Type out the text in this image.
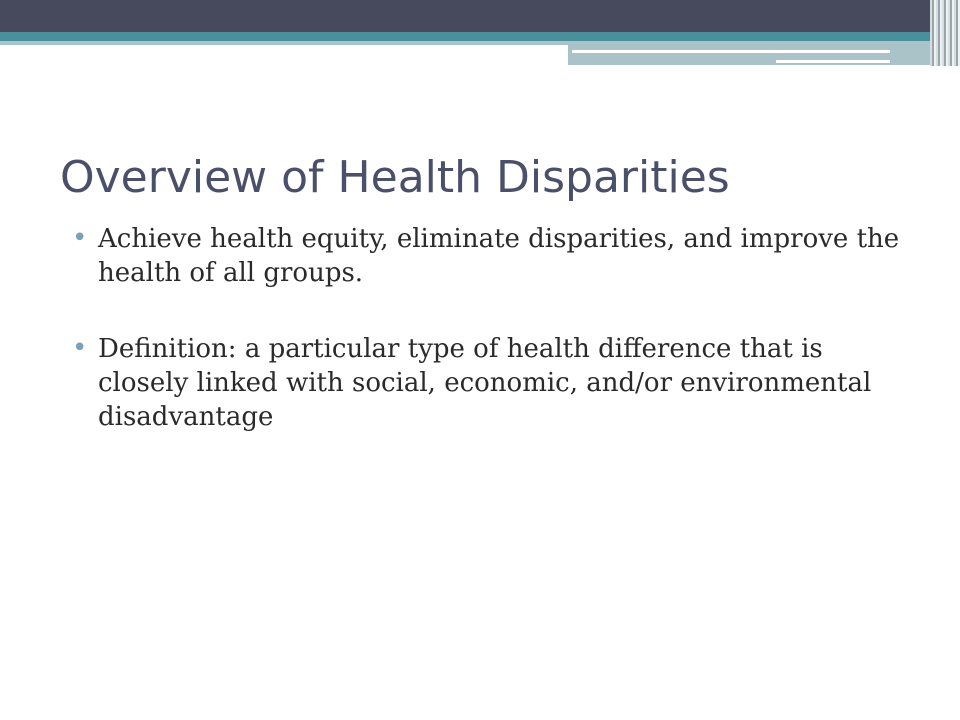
Overview of Health Disparities
• Achieve health equity, eliminate disparities, and improve the health of all groups.
• Definition: a particular type of health difference that is closely linked with social, economic, and/or environmental disadvantage
